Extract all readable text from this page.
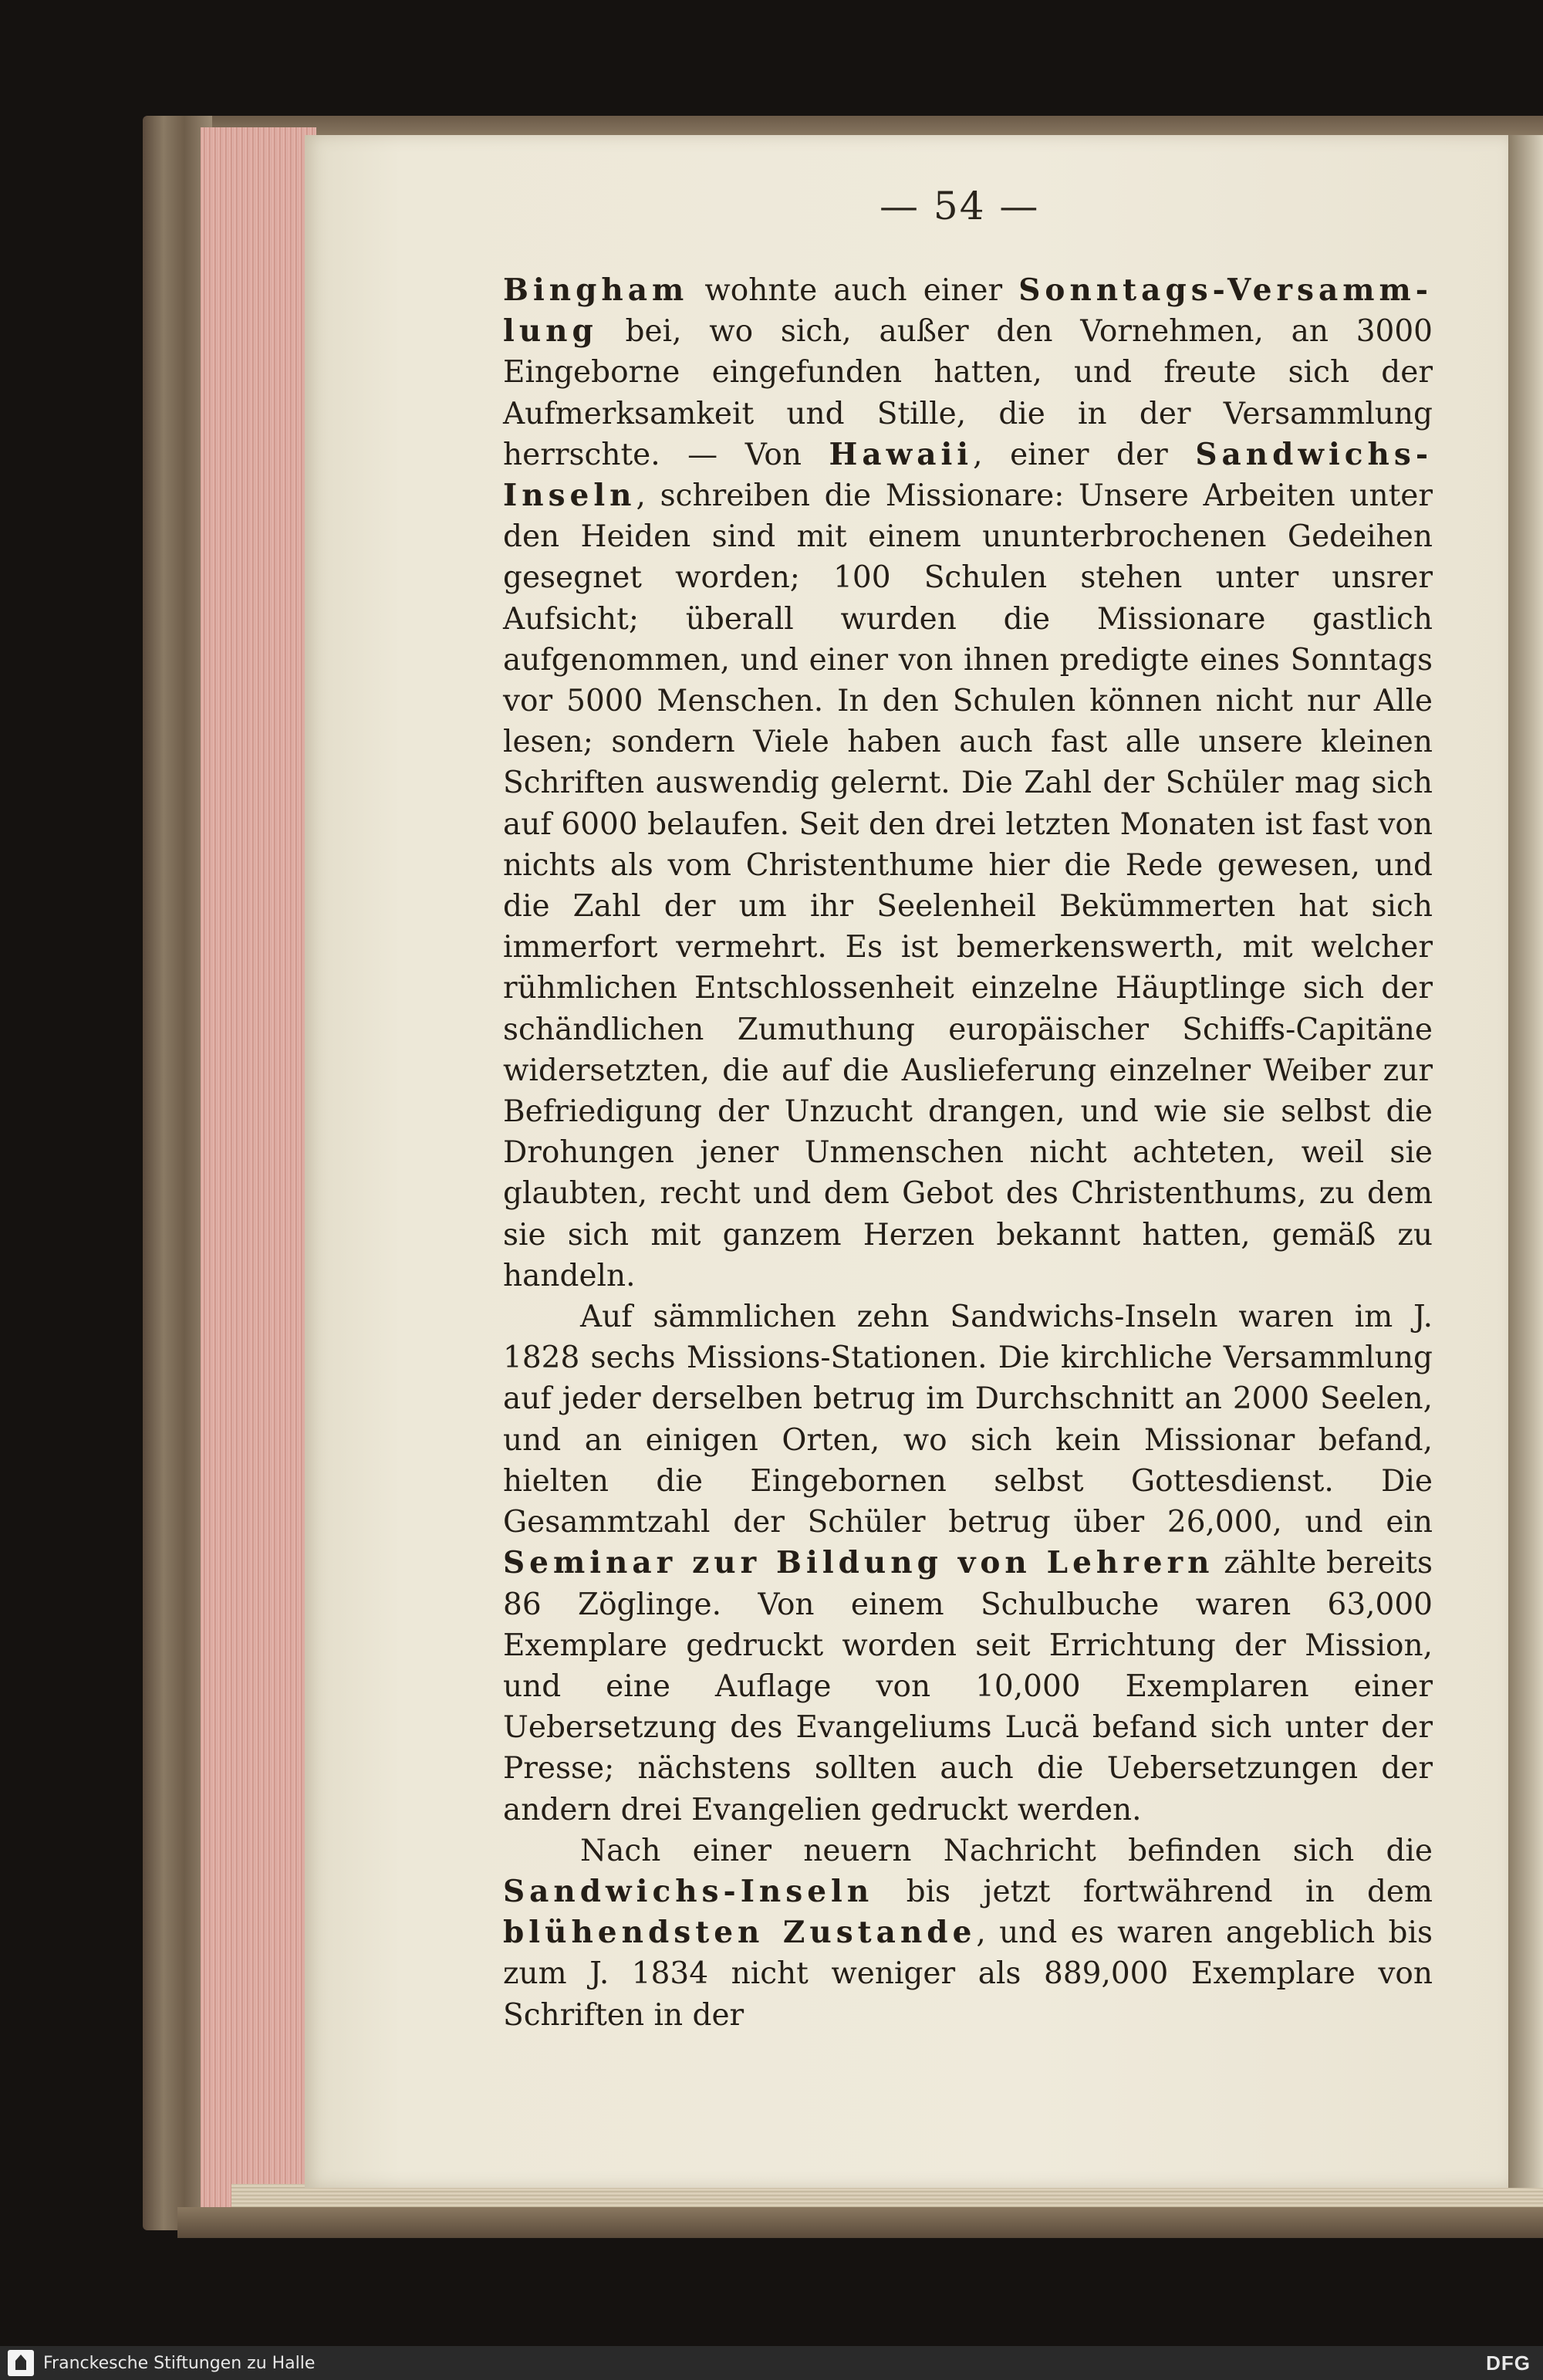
— 54 —

Bingham wohnte auch einer Sonntags-Versamm-lung bei, wo sich, außer den Vornehmen, an 3000 Eingeborne eingefunden hatten, und freute sich der Aufmerksamkeit und Stille, die in der Versammlung herrschte. — Von Hawaii, einer der Sandwichs-Inseln, schreiben die Missionare: Unsere Arbeiten unter den Heiden sind mit einem ununterbrochenen Gedeihen gesegnet worden; 100 Schulen stehen unter unsrer Aufsicht; überall wurden die Missionare gastlich aufgenommen, und einer von ihnen predigte eines Sonntags vor 5000 Menschen. In den Schulen können nicht nur Alle lesen; sondern Viele haben auch fast alle unsere kleinen Schriften auswendig gelernt. Die Zahl der Schüler mag sich auf 6000 belaufen. Seit den drei letzten Monaten ist fast von nichts als vom Christenthume hier die Rede gewesen, und die Zahl der um ihr Seelenheil Bekümmerten hat sich immerfort vermehrt. Es ist bemerkenswerth, mit welcher rühmlichen Entschlossenheit einzelne Häuptlinge sich der schändlichen Zumuthung europäischer Schiffs-Capitäne widersetzten, die auf die Auslieferung einzelner Weiber zur Befriedigung der Unzucht drangen, und wie sie selbst die Drohungen jener Unmenschen nicht achteten, weil sie glaubten, recht und dem Gebot des Christenthums, zu dem sie sich mit ganzem Herzen bekannt hatten, gemäß zu handeln.

Auf sämmlichen zehn Sandwichs-Inseln waren im J. 1828 sechs Missions-Stationen. Die kirchliche Versammlung auf jeder derselben betrug im Durchschnitt an 2000 Seelen, und an einigen Orten, wo sich kein Missionar befand, hielten die Eingebornen selbst Gottesdienst. Die Gesammtzahl der Schüler betrug über 26,000, und ein Seminar zur Bildung von Lehrern zählte bereits 86 Zöglinge. Von einem Schulbuche waren 63,000 Exemplare gedruckt worden seit Errichtung der Mission, und eine Auflage von 10,000 Exemplaren einer Uebersetzung des Evangeliums Lucä befand sich unter der Presse; nächstens sollten auch die Uebersetzungen der andern drei Evangelien gedruckt werden.

Nach einer neuern Nachricht befinden sich die Sandwichs-Inseln bis jetzt fortwährend in dem blühendsten Zustande, und es waren angeblich bis zum J. 1834 nicht weniger als 889,000 Exemplare von Schriften in der

Franckesche Stiftungen zu Halle	DFG
